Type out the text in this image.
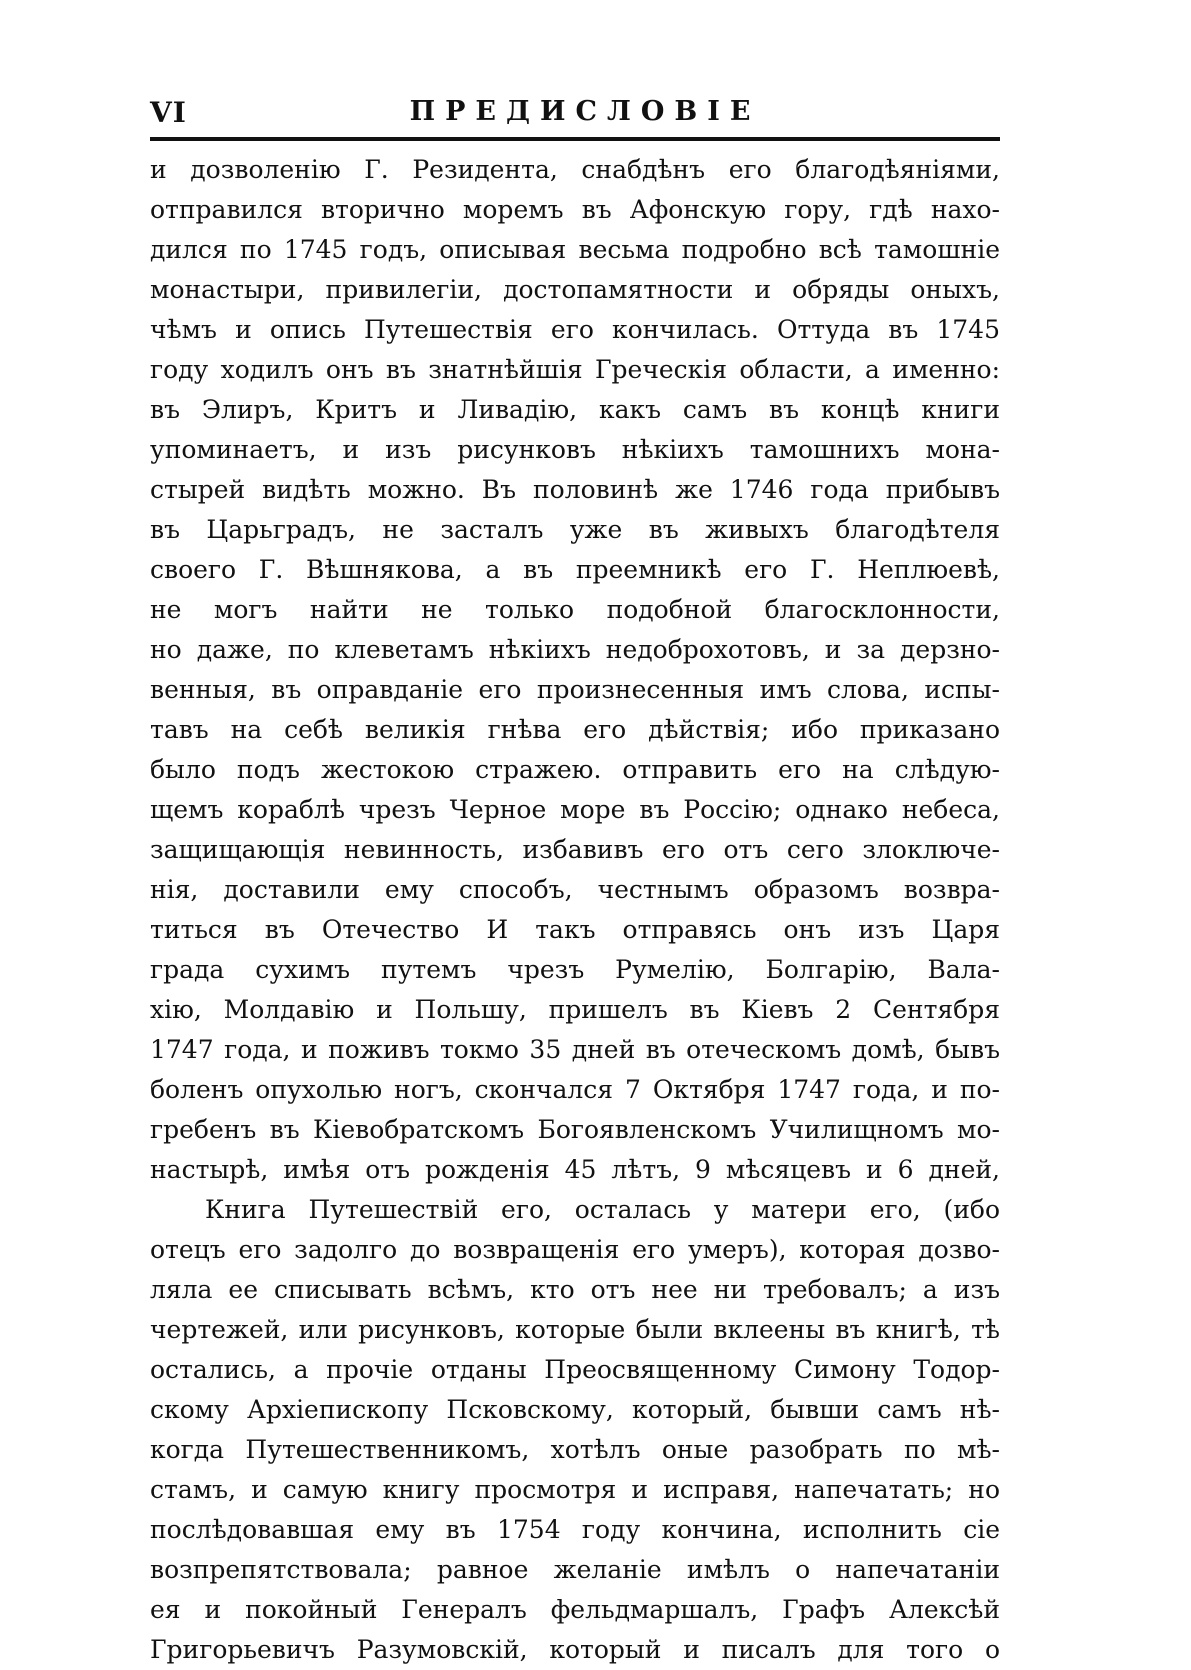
VI	ПРЕДИСЛОВІЕ
и дозволенію Г. Резидента, снабдѣнъ его благодѣяніями,
отправился вторично моремъ въ Афонскую гору, гдѣ нахо-
дился по 1745 годъ, описывая весьма подробно всѣ тамошніе
монастыри, привилегіи, достопамятности и обряды оныхъ,
чѣмъ и опись Путешествія его кончилась. Оттуда въ 1745
году ходилъ онъ въ знатнѣйшія Греческія области, а именно:
въ Элиръ, Критъ и Ливадію, какъ самъ въ концѣ книги
упоминаетъ, и изъ рисунковъ нѣкіихъ тамошнихъ мона-
стырей видѣть можно. Въ половинѣ же 1746 года прибывъ
въ Царьградъ, не засталъ уже въ живыхъ благодѣтеля
своего Г. Вѣшнякова, а въ преемникѣ его Г. Неплюевѣ,
не могъ найти не только подобной благосклонности,
но даже, по клеветамъ нѣкіихъ недоброхотовъ, и за дерзно-
венныя, въ оправданіе его произнесенныя имъ слова, испы-
тавъ на себѣ великія гнѣва его дѣйствія; ибо приказано
было подъ жестокою стражею. отправить его на слѣдую-
щемъ кораблѣ чрезъ Черное море въ Россію; однако небеса,
защищающія невинность, избавивъ его отъ сего злоключе-
нія, доставили ему способъ, честнымъ образомъ возвра-
титься въ Отечество И такъ отправясь онъ изъ Царя
града сухимъ путемъ чрезъ Румелію, Болгарію, Вала-
хію, Молдавію и Польшу, пришелъ въ Кіевъ 2 Сентября
1747 года, и поживъ токмо 35 дней въ отеческомъ домѣ, бывъ
боленъ опухолью ногъ, скончался 7 Октября 1747 года, и по-
гребенъ въ Кіевобратскомъ Богоявленскомъ Училищномъ мо-
настырѣ, имѣя отъ рожденія 45 лѣтъ, 9 мѣсяцевъ и 6 дней,
Книга Путешествій его, осталась у матери его, (ибо
отецъ его задолго до возвращенія его умеръ), которая дозво-
ляла ее списывать всѣмъ, кто отъ нее ни требовалъ; а изъ
чертежей, или рисунковъ, которые были вклеены въ книгѣ, тѣ
остались, а прочіе отданы Преосвященному Симону Тодор-
скому Архіепископу Псковскому, который, бывши самъ нѣ-
когда Путешественникомъ, хотѣлъ оные разобрать по мѣ-
стамъ, и самую книгу просмотря и исправя, напечатать; но
послѣдовавшая ему въ 1754 году кончина, исполнить сіе
возпрепятствовала; равное желаніе имѣлъ о напечатаніи
ея и покойный Генералъ фельдмаршалъ, Графъ Алексѣй
Григорьевичъ Разумовскій, который и писалъ для того о
